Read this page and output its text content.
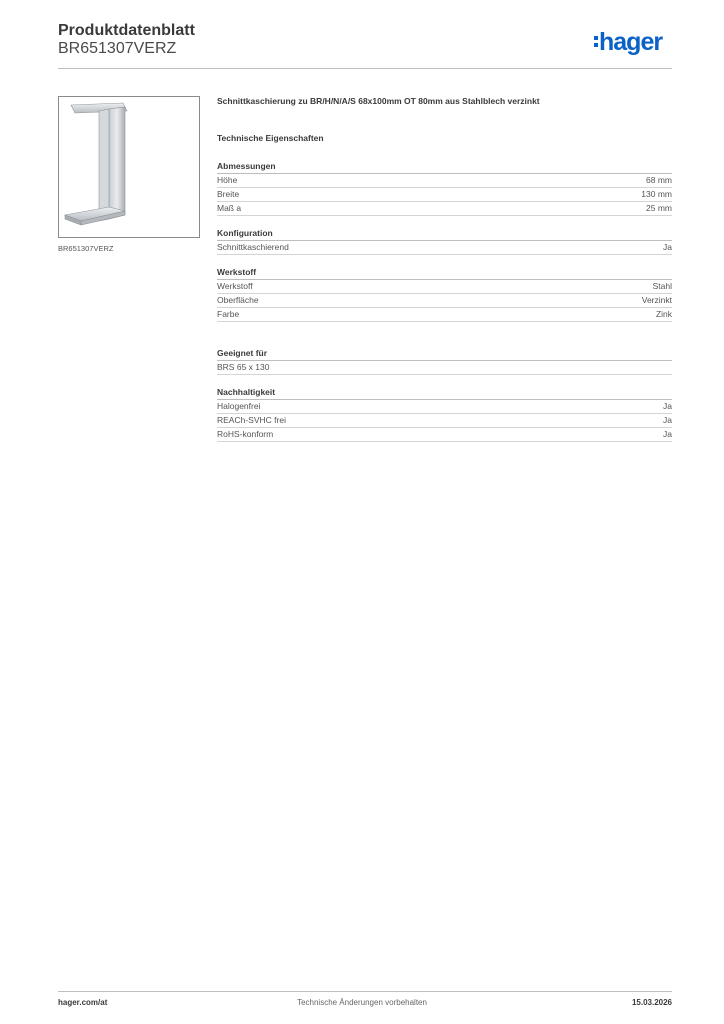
Produktdatenblatt
BR651307VERZ	hager
BR651307VERZ
Schnittkaschierung zu BR/H/N/A/S 68x100mm OT 80mm aus Stahlblech verzinkt
Technische Eigenschaften
Abmessungen
Höhe	68 mm
Breite	130 mm
Maß a	25 mm
Konfiguration
Schnittkaschierend	Ja
Werkstoff
Werkstoff	Stahl
Oberfläche	Verzinkt
Farbe	Zink
Geeignet für
BRS 65 x 130
Nachhaltigkeit
Halogenfrei	Ja
REACh-SVHC frei	Ja
RoHS-konform	Ja
hager.com/at	Technische Änderungen vorbehalten	15.03.2026
